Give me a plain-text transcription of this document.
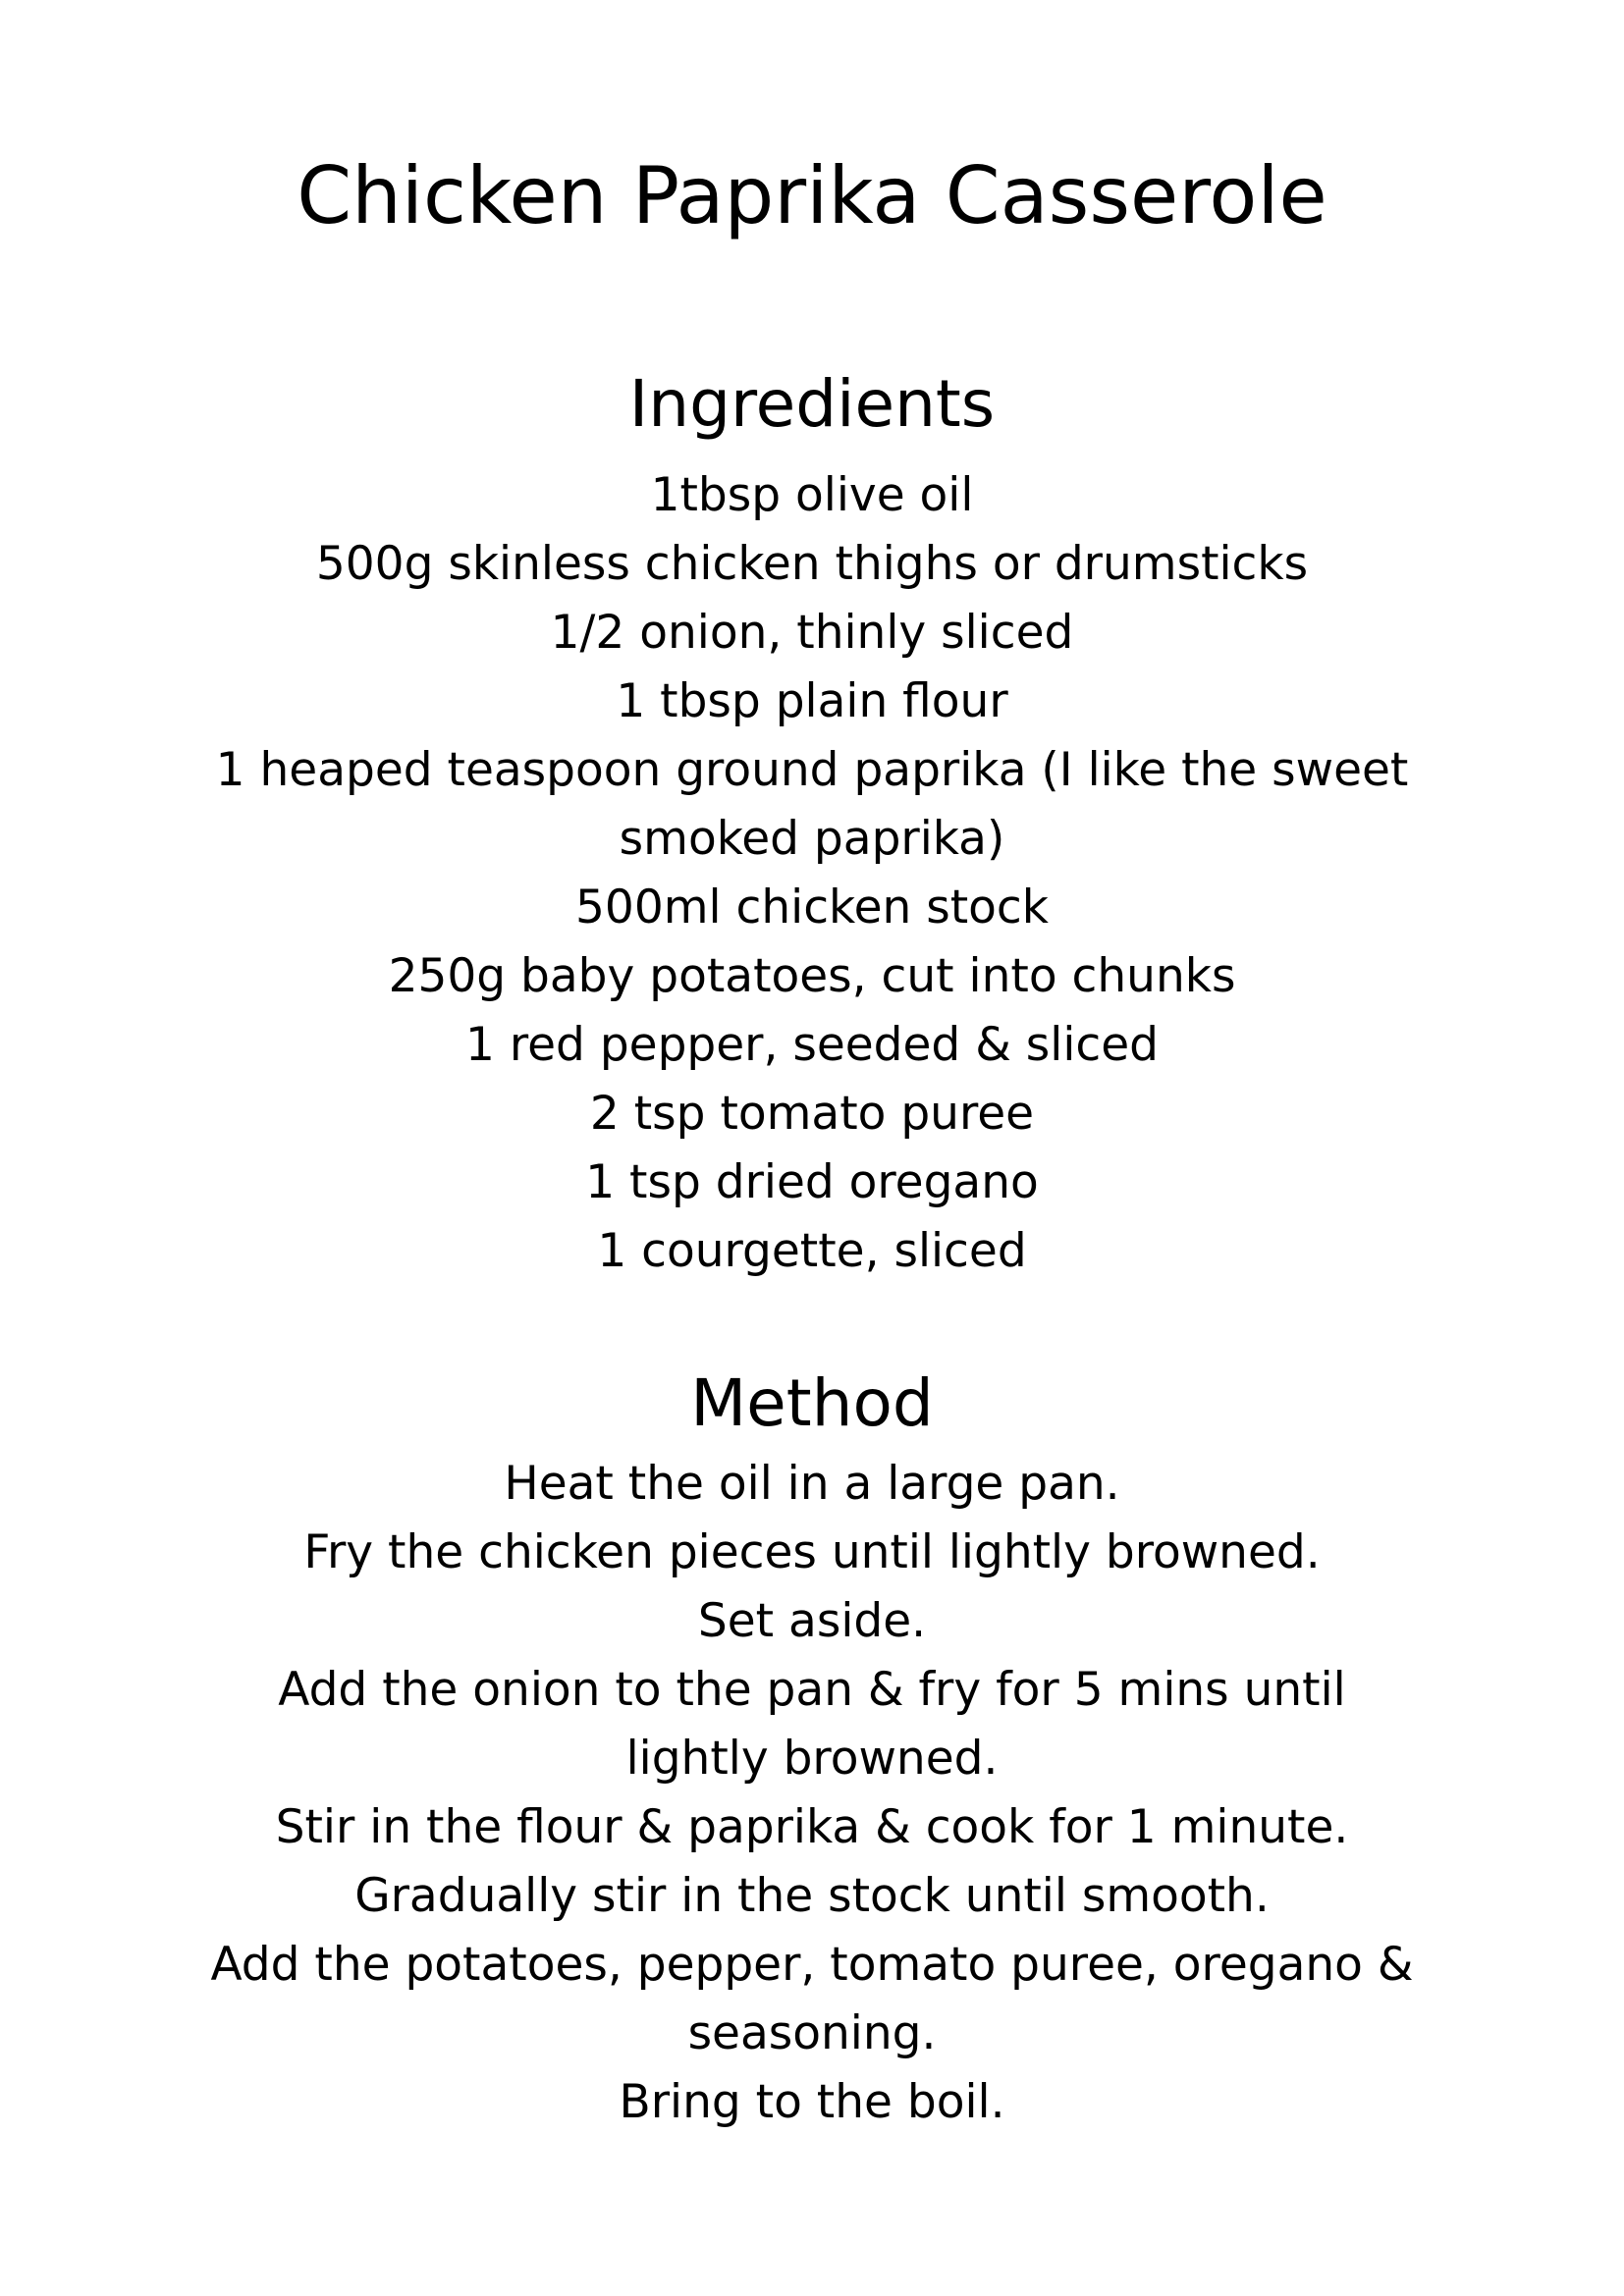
Chicken Paprika Casserole
Ingredients
1tbsp olive oil
500g skinless chicken thighs or drumsticks
1/2 onion, thinly sliced
1 tbsp plain flour
1 heaped teaspoon ground paprika (I like the sweet smoked paprika)
500ml chicken stock
250g baby potatoes, cut into chunks
1 red pepper, seeded & sliced
2 tsp tomato puree
1 tsp dried oregano
1 courgette, sliced
Method
Heat the oil in a large pan.
Fry the chicken pieces until lightly browned.
Set aside.
Add the onion to the pan & fry for 5 mins until lightly browned.
Stir in the flour & paprika & cook for 1 minute.
Gradually stir in the stock until smooth.
Add the potatoes, pepper, tomato puree, oregano & seasoning.
Bring to the boil.
